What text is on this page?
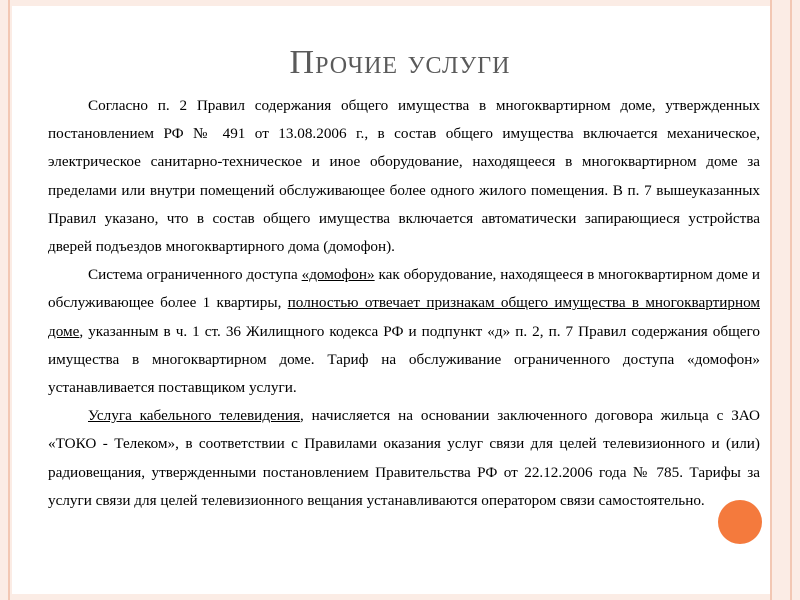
Прочие услуги

Согласно п. 2 Правил содержания общего имущества в многоквартирном доме, утвержденных постановлением РФ № 491 от 13.08.2006 г., в состав общего имущества включается механическое, электрическое санитарно-техническое и иное оборудование, находящееся в многоквартирном доме за пределами или внутри помещений обслуживающее более одного жилого помещения. В п. 7 вышеуказанных Правил указано, что в состав общего имущества включается автоматически запирающиеся устройства дверей подъездов многоквартирного дома (домофон).

Система ограниченного доступа «домофон» как оборудование, находящееся в многоквартирном доме и обслуживающее более 1 квартиры, полностью отвечает признакам общего имущества в многоквартирном доме, указанным в ч. 1 ст. 36 Жилищного кодекса РФ и подпункт «д» п. 2, п. 7 Правил содержания общего имущества в многоквартирном доме. Тариф на обслуживание ограниченного доступа «домофон» устанавливается поставщиком услуги.

Услуга кабельного телевидения, начисляется на основании заключенного договора жильца с ЗАО «ТОКО - Телеком», в соответствии с Правилами оказания услуг связи для целей телевизионного и (или) радиовещания, утвержденными постановлением Правительства РФ от 22.12.2006 года № 785. Тарифы за услуги связи для целей телевизионного вещания устанавливаются оператором связи самостоятельно.
